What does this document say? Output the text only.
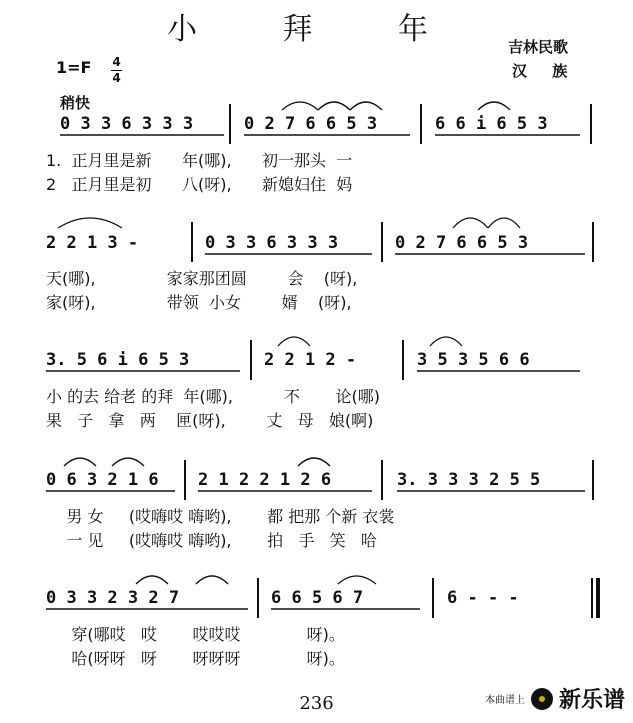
小 拜 年	吉林民歌
汉 族
1=F 4
4
稍快
0 3 3 6 3 3 3	0 2 7 6 6 5 3	6 6 i 6 5 3
1.  正月里是新      年(哪),      初一那头  一
2   正月里是初      八(呀),      新媳妇住  妈
2 2 1 3 -	0 3 3 6 3 3 3	0 2 7 6 6 5 3
天(哪),              家家那团圆        会    (呀),
家(呀),              带领  小女        婿    (呀),
3. 5 6 i 6 5 3	2 2 1 2 -	3 5 3 5 6 6
小 的去 给老 的拜  年(哪),          不       论(哪)
果   子   拿   两    匣(呀),        丈   母   娘(啊)
0 6 3 2 1 6 2 1 2 2 1 2 6	3. 3 3 3 2 5 5
男 女     (哎嗨哎 嗨哟),       都 把那 个新 衣裳
一 见     (哎嗨哎 嗨哟),       拍   手   笑   哈
0 3 3 2 3 2 7	6 6 5 6 7	6 - - -
穿(哪哎   哎       哎哎哎             呀)。
哈(呀呀   呀       呀呀呀             呀)。
236	本曲谱上 新乐谱
